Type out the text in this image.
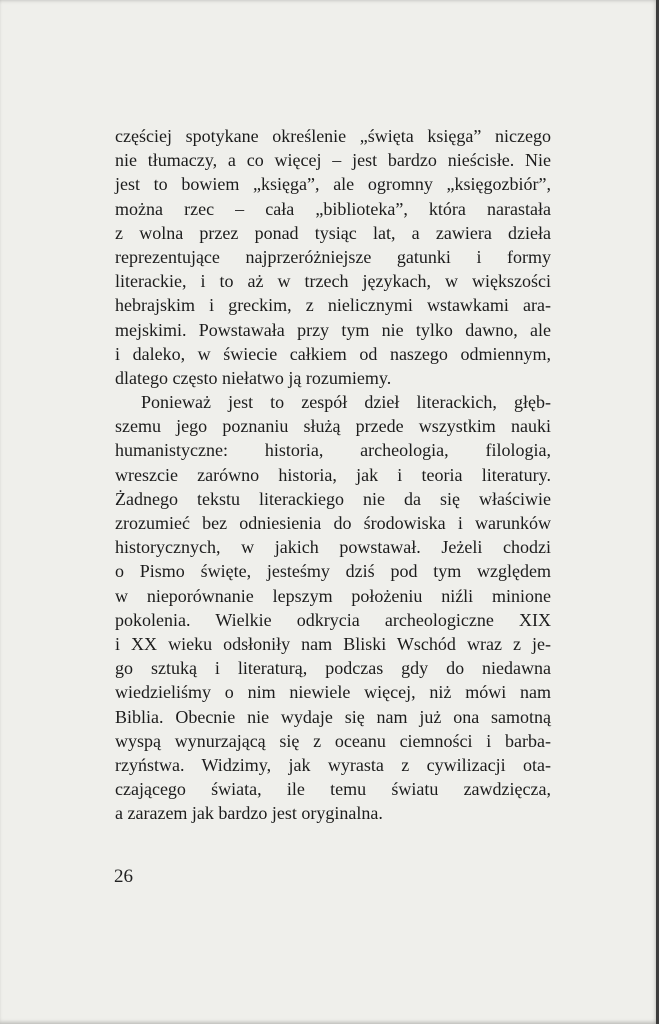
częściej spotykane określenie „święta księga” niczego
nie tłumaczy, a co więcej – jest bardzo nieścisłe. Nie
jest to bowiem „księga”, ale ogromny „księgozbiór”,
można rzec – cała „biblioteka”, która narastała
z wolna przez ponad tysiąc lat, a zawiera dzieła
reprezentujące najprzeróżniejsze gatunki i formy
literackie, i to aż w trzech językach, w większości
hebrajskim i greckim, z nielicznymi wstawkami ara-
mejskimi. Powstawała przy tym nie tylko dawno, ale
i daleko, w świecie całkiem od naszego odmiennym,
dlatego często niełatwo ją rozumiemy.
Ponieważ jest to zespół dzieł literackich, głęb-
szemu jego poznaniu służą przede wszystkim nauki
humanistyczne: historia, archeologia, filologia,
wreszcie zarówno historia, jak i teoria literatury.
Żadnego tekstu literackiego nie da się właściwie
zrozumieć bez odniesienia do środowiska i warunków
historycznych, w jakich powstawał. Jeżeli chodzi
o Pismo święte, jesteśmy dziś pod tym względem
w nieporównanie lepszym położeniu niźli minione
pokolenia. Wielkie odkrycia archeologiczne XIX
i XX wieku odsłoniły nam Bliski Wschód wraz z je-
go sztuką i literaturą, podczas gdy do niedawna
wiedzieliśmy o nim niewiele więcej, niż mówi nam
Biblia. Obecnie nie wydaje się nam już ona samotną
wyspą wynurzającą się z oceanu ciemności i barba-
rzyństwa. Widzimy, jak wyrasta z cywilizacji ota-
czającego świata, ile temu światu zawdzięcza,
a zarazem jak bardzo jest oryginalna.
26
